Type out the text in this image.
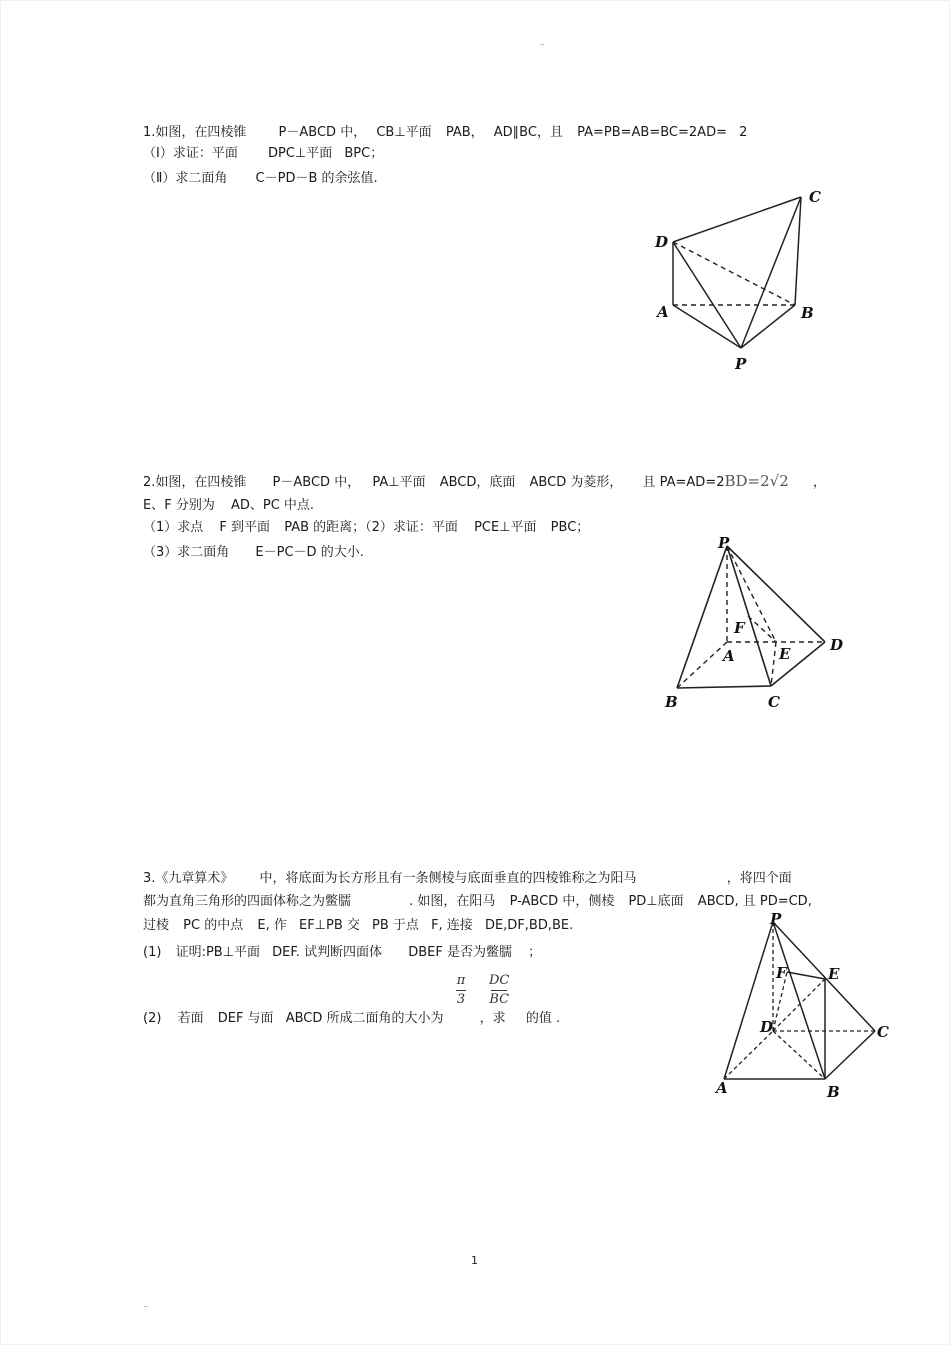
..
..
1.如图，在四棱锥 P－ABCD 中， CB⊥平面 PAB， AD∥BC，且 PA=PB=AB=BC=2AD= 2
（Ⅰ）求证：平面 DPC⊥平面 BPC；
（Ⅱ）求二面角 C－PD－B 的余弦值.
C
D
A	B
P
2.如图，在四棱锥 P－ABCD 中， PA⊥平面 ABCD，底面 ABCD 为菱形， 且 PA=AD=2BD=2√2 ，
E、F 分别为 AD、PC 中点.
（1）求点 F 到平面 PAB 的距离；（2）求证：平面 PCE⊥平面 PBC；
（3）求二面角 E－PC－D 的大小.
P
F
A	E	D
B	C
3.《九章算术》 中，将底面为长方形且有一条侧棱与底面垂直的四棱锥称之为阳马	，将四个面
都为直角三角形的四面体称之为鳖臑	. 如图，在阳马 P-ABCD 中，侧棱 PD⊥底面 ABCD, 且 PD=CD,
过棱 PC 的中点 E, 作 EF⊥PB 交 PB 于点 F, 连接 DE,DF,BD,BE.
(1) 证明:PB⊥平面 DEF. 试判断四面体 DBEF 是否为鳖臑 ；
π
3
DC
BC
(2) 若面 DEF 与面 ABCD 所成二面角的大小为	，求 的值 .
P
F	E
D	C
A	B
1
